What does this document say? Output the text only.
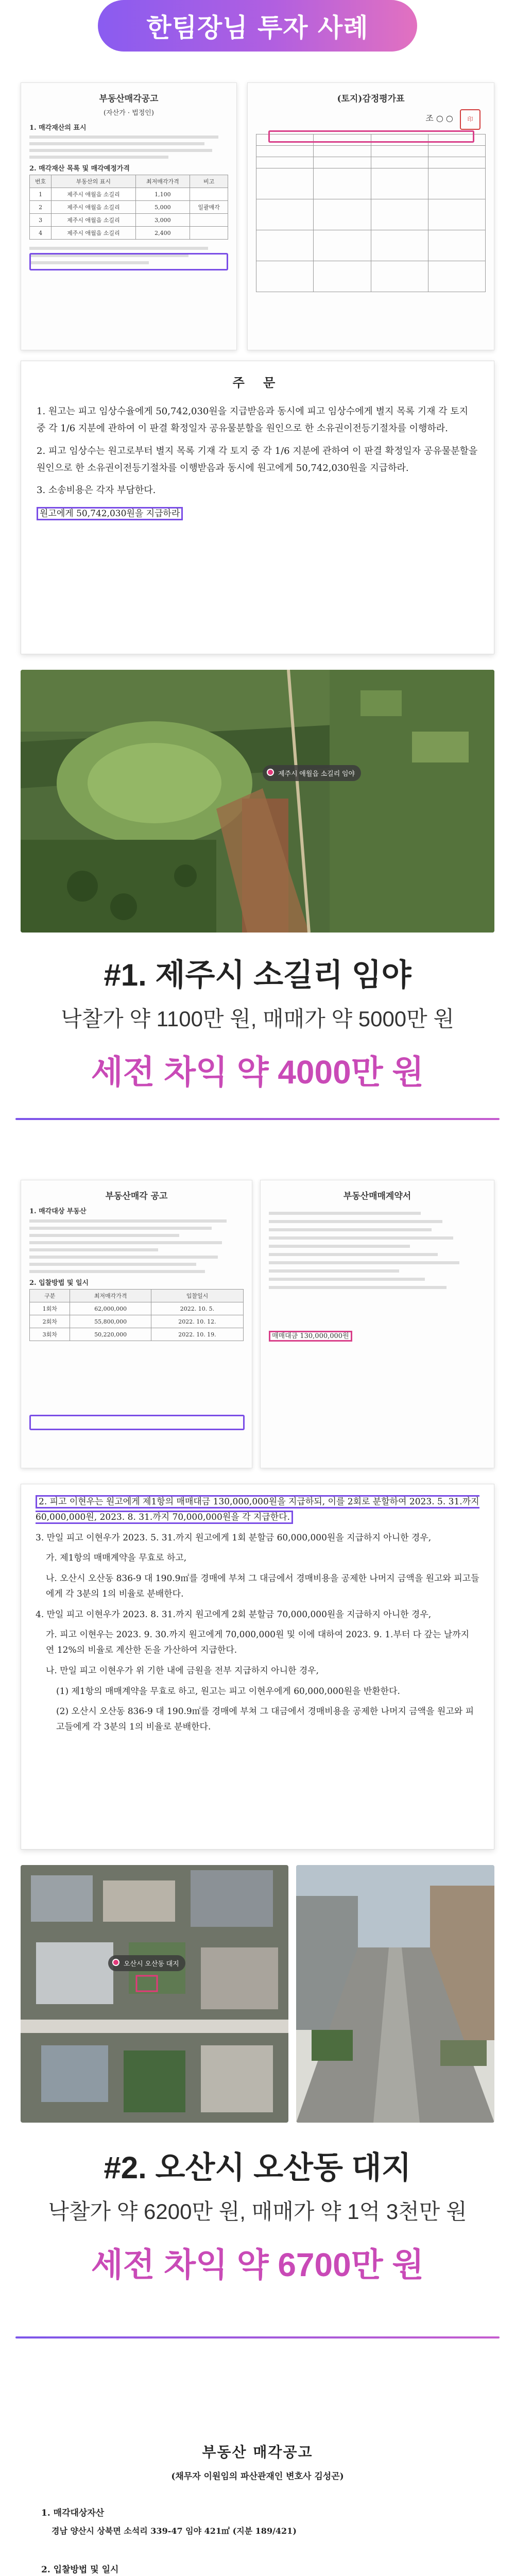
한팀장님 투자 사례
부동산매각공고
(자산가 · 법정인)
1. 매각재산의 표시
2. 매각재산 목록 및 매각예정가격
번호	부동산의 표시	최저매각가격	비고
1	제주시 애월읍 소길리	1,100	
2	제주시 애월읍 소길리	5,000	일괄매각
3	제주시 애월읍 소길리	3,000	
4	제주시 애월읍 소길리	2,400	
(토지)감정평가표
조 ○ ○	印

주 문
1. 원고는 피고 임상수율에게 50,742,030원을 지급받음과 동시에 피고 임상수에게 별지 목록 기재 각 토지 중 각 1/6 지분에 관하여 이 판결 확정일자 공유물분할을 원인으로 한 소유권이전등기절차를 이행하라.
2. 피고 임상수는 원고로부터 별지 목록 기재 각 토지 중 각 1/6 지분에 관하여 이 판결 확정일자 공유물분할을 원인으로 한 소유권이전등기절차를 이행받음과 동시에 원고에게 50,742,030원을 지급하라.
3. 소송비용은 각자 부담한다.
원고에게 50,742,030원을 지급하라
제주시 애월읍 소길리 임야
#1. 제주시 소길리 임야
낙찰가 약 1100만 원, 매매가 약 5000만 원
세전 차익 약 4000만 원
부동산매각 공고
1. 매각대상 부동산
2. 입찰방법 및 일시
구분	최저매각가격	입찰일시
1회차	62,000,000	2022. 10. 5.
2회차	55,800,000	2022. 10. 12.
3회차	50,220,000	2022. 10. 19.
부동산매매계약서
매매대금 130,000,000원
2. 피고 이현우는 원고에게 제1항의 매매대금 130,000,000원을 지급하되, 이를 2회로 분할하여 2023. 5. 31.까지 60,000,000원, 2023. 8. 31.까지 70,000,000원을 각 지급한다.
3. 만일 피고 이현우가 2023. 5. 31.까지 원고에게 1회 분할금 60,000,000원을 지급하지 아니한 경우,
가. 제1항의 매매계약을 무효로 하고,
나. 오산시 오산동 836-9 대 190.9㎡를 경매에 부쳐 그 대금에서 경매비용을 공제한 나머지 금액을 원고와 피고들에게 각 3분의 1의 비율로 분배한다.
4. 만일 피고 이현우가 2023. 8. 31.까지 원고에게 2회 분할금 70,000,000원을 지급하지 아니한 경우,
가. 피고 이현우는 2023. 9. 30.까지 원고에게 70,000,000원 및 이에 대하여 2023. 9. 1.부터 다 갚는 날까지 연 12%의 비율로 계산한 돈을 가산하여 지급한다.
나. 만일 피고 이현우가 위 기한 내에 금원을 전부 지급하지 아니한 경우,
(1) 제1항의 매매계약을 무효로 하고, 원고는 피고 이현우에게 60,000,000원을 반환한다.
(2) 오산시 오산동 836-9 대 190.9㎡를 경매에 부쳐 그 대금에서 경매비용을 공제한 나머지 금액을 원고와 피고들에게 각 3분의 1의 비율로 분배한다.
오산시 오산동 대지
#2. 오산시 오산동 대지
낙찰가 약 6200만 원, 매매가 약 1억 3천만 원
세전 차익 약 6700만 원
부동산 매각공고
(채무자 이원임의 파산관재인 변호사 김성곤)
1. 매각대상자산
경남 양산시 상북면 소석리 339-47 임야 421㎡ (지분 189/421)
2. 입찰방법 및 일시
